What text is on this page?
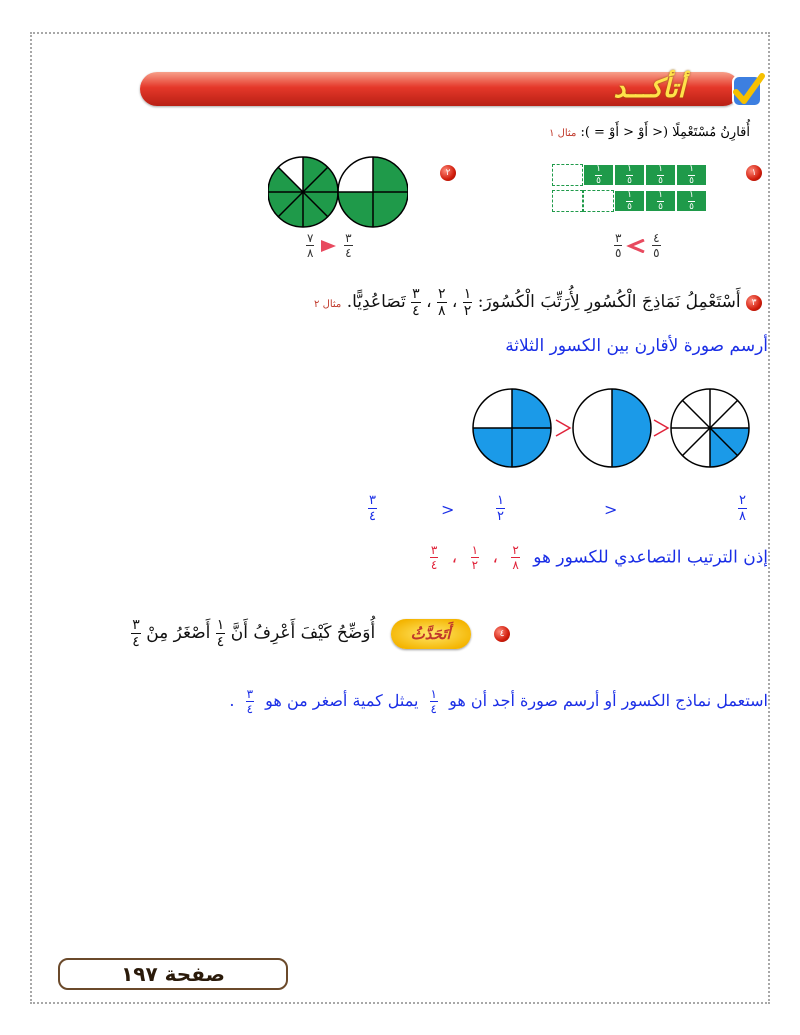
أتأكـــد
أُقارِنُ مُسْتَعْمِلًا (< أَوْ < أَوْ = ): مثال ١
١
$\frac{١}{٥}$	$\frac{١}{٥}$	$\frac{١}{٥}$	$\frac{١}{٥}$
$\frac{١}{٥}$	$\frac{١}{٥}$	$\frac{١}{٥}$
$\frac{٣}{٥}$
$\frac{٤}{٥}$
٢
$\frac{٧}{٨}$
$\frac{٣}{٤}$
٣ أَسْتَعْمِلُ نَمَاذِجَ الْكُسُورِ لِأُرَتِّبَ الْكُسُورَ:
$\frac{١}{٢}$
،
$\frac{٢}{٨}$
،
$\frac{٣}{٤}$
تَصَاعُدِيًّا. مثال ٢
أرسم صورة لأقارن بين الكسور الثلاثة
$\frac{٣}{٤}$	>	$\frac{١}{٢}$	>	$\frac{٢}{٨}$
إذن الترتيب التصاعدي للكسور هو
$\frac{٢}{٨}$
،
$\frac{١}{٢}$
،
$\frac{٣}{٤}$
٤ أَتَحَدَّثُ أُوَضِّحُ كَيْفَ أَعْرِفُ أَنَّ
$\frac{١}{٤}$
أَصْغَرُ مِنْ
$\frac{٣}{٤}$
استعمل نماذج الكسور أو أرسم صورة أجد أن هو
$\frac{١}{٤}$
يمثل كمية أصغر من هو
$\frac{٣}{٤}$
.
صفحة ١٩٧
